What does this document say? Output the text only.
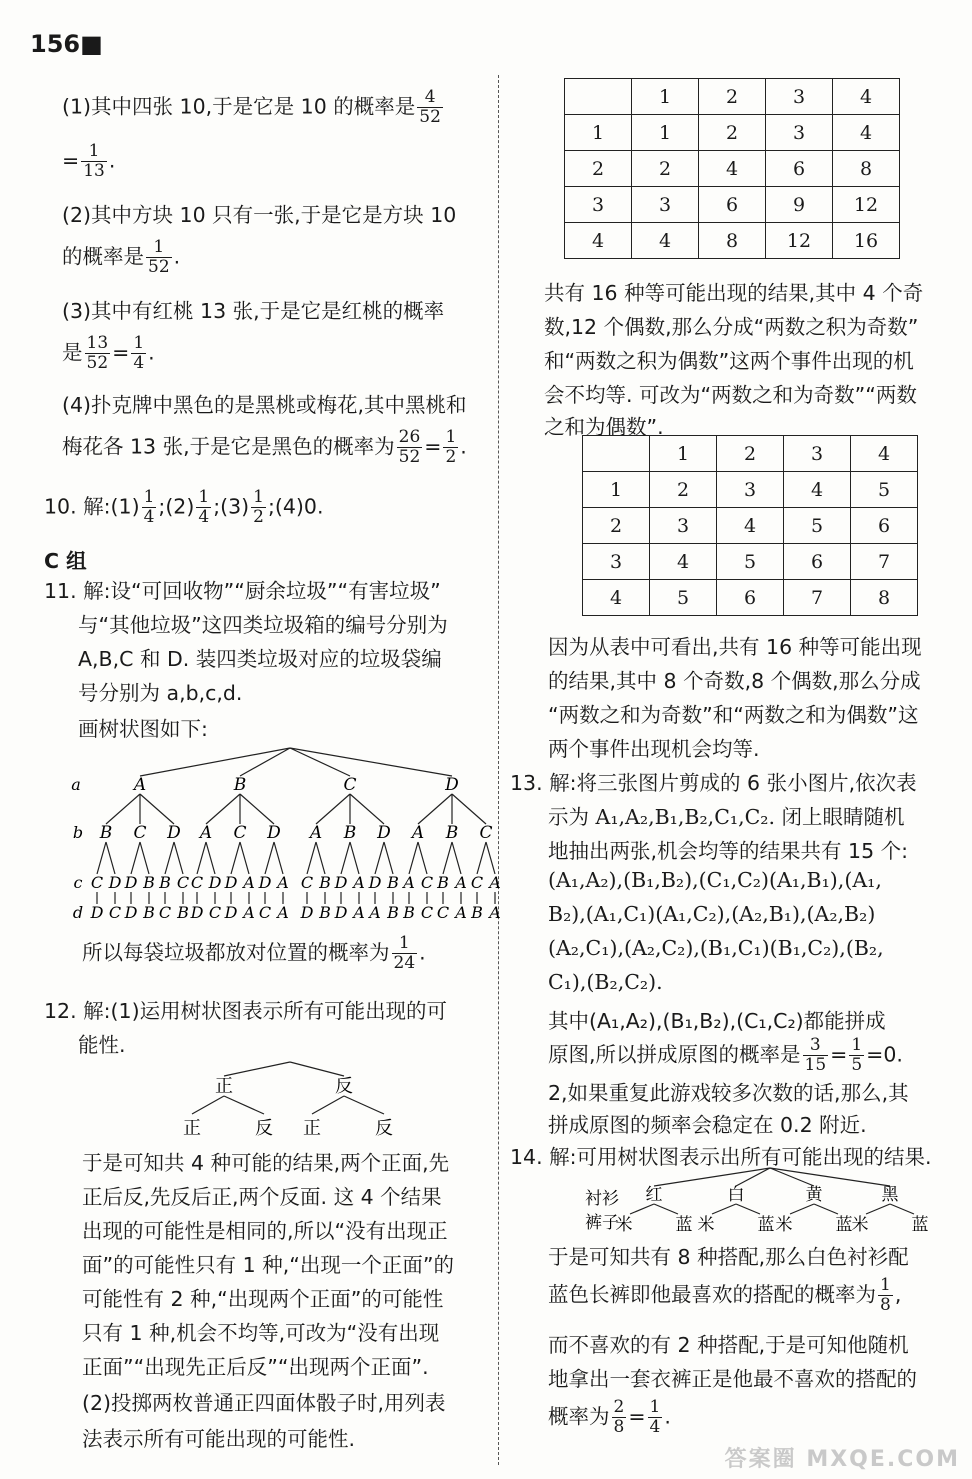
156■

(1)其中四张 10,于是它是 10 的概率是 $\frac{4}{52}$

= $\frac{1}{13}$ .

(2)其中方块 10 只有一张,于是它是方块 10

的概率是 $\frac{1}{52}$ .

(3)其中有红桃 13 张,于是它是红桃的概率

是 $\frac{13}{52} = \frac{1}{4}$ .

(4)扑克牌中黑色的是黑桃或梅花,其中黑桃和

梅花各 13 张,于是它是黑色的概率为 $\frac{26}{52} = \frac{1}{2}$ .

10. 解:(1) $\frac{1}{4}$ ;(2) $\frac{1}{4}$ ;(3) $\frac{1}{2}$ ;(4)0.

C 组

11. 解:设“可回收物”“厨余垃圾”“有害垃圾”

与“其他垃圾”这四类垃圾箱的编号分别为

A,B,C 和 D. 装四类垃圾对应的垃圾袋编

号分别为 a,b,c,d.

画树状图如下:

a
b
c
d
A	B	C	D
B C D A C D A B D A B C
C
D
D
C
D
D
B
B
B
C
C
B
C
D
D
C
D
D
A
A
D
C
A
A
C
D
B
B
D
D
A
A
D
A
B
B
A
B
C
C
B
C
A
A
C
B
A
A

所以每袋垃圾都放对位置的概率为 $\frac{1}{24}$ .

12. 解:(1)运用树状图表示所有可能出现的可

能性.

正	反
正	反 正	反

于是可知共 4 种可能的结果,两个正面,先

正后反,先反后正,两个反面. 这 4 个结果

出现的可能性是相同的,所以“没有出现正

面”的可能性只有 1 种,“出现一个正面”的

可能性有 2 种,“出现两个正面”的可能性

只有 1 种,机会不均等,可改为“没有出现

正面”“出现先正后反”“出现两个正面”.

(2)投掷两枚普通正四面体骰子时,用列表

法表示所有可能出现的可能性.

	1	2	3	4
1	1	2	3	4
2	2	4	6	8
3	3	6	9	12
4	4	8	12	16

共有 16 种等可能出现的结果,其中 4 个奇

数,12 个偶数,那么分成“两数之积为奇数”

和“两数之积为偶数”这两个事件出现的机

会不均等. 可改为“两数之和为奇数”“两数

之和为偶数”.

	1	2	3	4
1	2	3	4	5
2	3	4	5	6
3	4	5	6	7
4	5	6	7	8

因为从表中可看出,共有 16 种等可能出现

的结果,其中 8 个奇数,8 个偶数,那么分成

“两数之和为奇数”和“两数之和为偶数”这

两个事件出现机会均等.

13. 解:将三张图片剪成的 6 张小图片,依次表

示为 A₁,A₂,B₁,B₂,C₁,C₂. 闭上眼睛随机

地抽出两张,机会均等的结果共有 15 个:

(A₁,A₂),(B₁,B₂),(C₁,C₂)(A₁,B₁),(A₁,

B₂),(A₁,C₁)(A₁,C₂),(A₂,B₁),(A₂,B₂)

(A₂,C₁),(A₂,C₂),(B₁,C₁)(B₁,C₂),(B₂,

C₁),(B₂,C₂).

其中(A₁,A₂),(B₁,B₂),(C₁,C₂)都能拼成

原图,所以拼成原图的概率是 $\frac{3}{15} = \frac{1}{5} =0$.

2,如果重复此游戏较多次数的话,那么,其

拼成原图的频率会稳定在 0.2 附近.

14. 解:可用树状图表示出所有可能出现的结果.

衬衫
裤子
红
米	蓝
白
米	蓝
黄
米	蓝
黑
米	蓝

于是可知共有 8 种搭配,那么白色衬衫配

蓝色长裤即他最喜欢的搭配的概率为 $\frac{1}{8}$ ,

而不喜欢的有 2 种搭配,于是可知他随机

地拿出一套衣裤正是他最不喜欢的搭配的

概率为 $\frac{2}{8} = \frac{1}{4}$ .

答案圈 MXQE.COM
